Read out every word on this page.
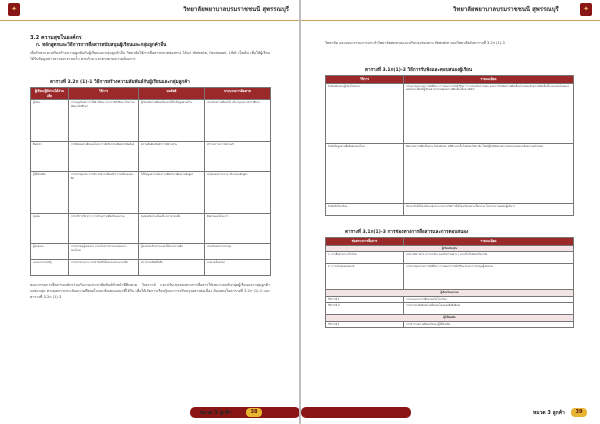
✦	วิทยาลัยพยาบาลบรมราชชนนี สุพรรณบุรี
3.2 ความสุขในองค์กร
ก. หลักสูตรและวิธีการการสื่อสารสนับสนุนผู้เรียนและกลุ่มลูกค้าอื่น
เพื่อรักษาและเสริมสร้างความผูกพันกับผู้เรียนและกลุ่มลูกค้าอื่น วิทยาลัยใช้การสื่อสารหลายช่องทาง ได้แก่ Website, Facebook, LINE เป็นต้น เพื่อให้ผู้เรียนได้รับข้อมูลข่าวสารอย่างรวดเร็ว ครบถ้วน และตรงตามความต้องการ
ตารางที่ 3.2ก (1)-1 วิธีการสร้างความสัมพันธ์กับผู้เรียนและกลุ่มลูกค้า
ผู้เรียน/ผู้มีส่วนได้ส่วนเสีย	วิธีการ	ผลลัพธ์	กระบวนการติดตาม
ผู้เรียน	การปฐมนิเทศ การให้คำปรึกษา อาจารย์ที่ปรึกษา กิจกรรมพัฒนานักศึกษา	ผู้เรียนมีความพึงพอใจและได้รับข้อมูลครบถ้วน	ประเมินความพึงพอใจ ปรับปรุงทุกภาคการศึกษา
ศิษย์เก่า	การติดต่อผ่านสื่อออนไลน์ การจัดกิจกรรมศิษย์เก่าสัมพันธ์	ความสัมพันธ์อันดี การมีส่วนร่วม	สำรวจภาวะการมีงานทำ
ผู้ใช้บัณฑิต	การประชุมร่วม การสำรวจความพึงพอใจ การเยี่ยมแหล่งฝึก	ได้ข้อมูลความต้องการเพื่อนำมาพัฒนาหลักสูตร	สรุปผลและรายงาน ปรับปรุงหลักสูตร
ชุมชน	การบริการวิชาการ การทำนุบำรุงศิลปวัฒนธรรม	ชุมชนมีความเข้มแข็ง ความร่วมมือ	ติดตามผลโครงการ
ผู้ปกครอง	การประชุมผู้ปกครอง การแจ้งข่าวสารผ่านช่องทางออนไลน์	ผู้ปกครองรับทราบและให้ความร่วมมือ	ประเมินผลการประชุม
หน่วยงานภาครัฐ	การประสานงาน การทำบันทึกข้อตกลงความร่วมมือ	ความร่วมมือที่ยั่งยืน	ทบทวนข้อตกลง
คณะกรรมการสื่อสารองค์กรร่วมกับงานประชาสัมพันธ์ทำหน้าที่ติดตาม วิเคราะห์ และปรับปรุงช่องทางการสื่อสารให้เหมาะสมกับกลุ่มผู้เรียนและกลุ่มลูกค้าแต่ละกลุ่ม ตามผลการประเมินความพึงพอใจและข้อเสนอแนะที่ได้รับ เพื่อให้เกิดการเรียนรู้และการปรับปรุงอย่างต่อเนื่อง ดังแสดงในตารางที่ 3.2ก (1)-2 และตารางที่ 3.2ก (1)-3
หมวด 3 ลูกค้า	38
✦
วิทยาลัยพยาบาลบรมราชชนนี สุพรรณบุรี
วิทยาลัย และคณะกรรมการประจำวิทยาลัยทบทวนและปรับปรุงช่องทาง Website ของวิทยาลัยดังตารางที่ 3.2ก (1)-3
ตารางที่ 3.1ก(1)-2 วิธีการรับฟังและตอบสนองผู้เรียน
วิธีการ	รายละเอียด
รับฟังเสียงของผู้เรียนโดยตรง	การประชุมกรรมการนักศึกษา การพบอาจารย์ที่ปรึกษา การประเมินการสอน และการรับฟังความคิดเห็นผ่านกล่องรับความคิดเห็นทั้งแบบออนไลน์และออฟไลน์ เพื่อให้ผู้เรียนสามารถแสดงความคิดเห็นได้อย่างอิสระ
รับฟังข้อมูลผ่านสื่อสังคมออนไลน์	ติดตามความคิดเห็นผ่าน Facebook, LINE และเว็บไซต์ของวิทยาลัย โดยมีผู้รับผิดชอบตรวจสอบและตอบกลับอย่างสม่ำเสมอ
รับฟังข้อร้องเรียน	มีระบบรับข้อร้องเรียนและกระบวนการจัดการข้อร้องเรียนอย่างเป็นระบบ โดยรายงานผลต่อผู้บริหาร
ตารางที่ 3.1ก(1)-3 การช่องทางการสื่อสารและการตอบสนอง
ช่องทางการสื่อสาร	รายละเอียด
ผู้เรียนปัจจุบัน	
ก. การสื่อสารทางเว็บไซต์	ประกาศข่าวสาร ตารางเรียน และกิจกรรมต่าง ๆ ผ่านเว็บไซต์ของวิทยาลัย
ข. การประชุมและพบปะ	การประชุมกรรมการนักศึกษา การพบอาจารย์ที่ปรึกษาและการประชุมผู้ปกครอง
ผู้เรียนในอนาคต	
วิธีการที่ 1	การแนะแนวการศึกษาต่อในโรงเรียน
วิธีการที่ 2	การประชาสัมพันธ์ผ่านสื่อออนไลน์และสื่อสิ่งพิมพ์
ผู้ใช้บัณฑิต	
วิธีการที่ 1	การสำรวจความพึงพอใจของผู้ใช้บัณฑิต
หมวด 3 ลูกค้า	39
